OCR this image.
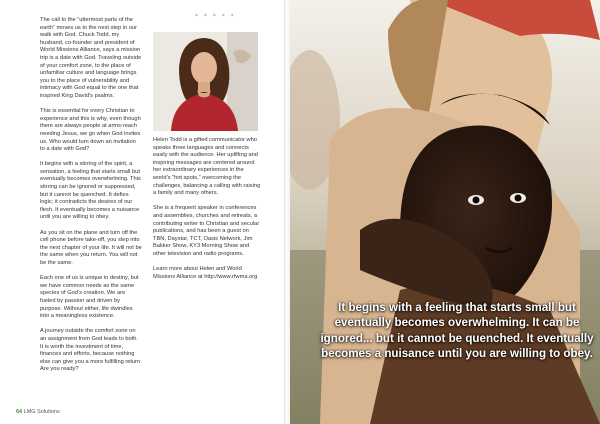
* * * * *

The call to the “uttermost parts of the earth” moves us to the next step in our walk with God. Chuck Todd, my husband, co-founder and president of World Missions Alliance, says a mission trip is a date with God. Traveling outside of your comfort zone, to the place of unfamiliar culture and language brings you to the place of vulnerability and intimacy with God equal to the one that inspired King David’s psalms.

This is essential for every Christian to experience and this is why, even though there are always people at arms-reach needing Jesus, we go when God invites us. Who would turn down an invitation to a date with God?

It begins with a stirring of the spirit, a sensation, a feeling that starts small but eventually becomes overwhelming. This stirring can be ignored or suppressed, but it cannot be quenched. It defies logic; it contradicts the desires of our flesh. It eventually becomes a nuisance until you are willing to obey.

As you sit on the plane and turn off the cell phone before take-off, you step into the next chapter of your life. It will not be the same when you return. You will not be the same.

Each one of us is unique in destiny, but we have common needs as the same species of God’s creation. We are fueled by passion and driven by purpose. Without either, life dwindles into a meaningless existence.

A journey outside the comfort zone on an assignment from God leads to both. It is worth the investment of time, finances and efforts, because nothing else can give you a more fulfilling return. Are you ready?

Helen Todd is a gifted communicator who speaks three languages and connects easily with the audience. Her uplifting and inspiring messages are centered around her extraordinary experiences in the world’s “hot spots,” overcoming the challenges, balancing a calling with raising a family and many others.

She is a frequent speaker in conferences and assemblies, churches and retreats, a contributing writer to Christian and secular publications, and has been a guest on TBN, Daystar, TCT, Oasis Network, Jim Bakker Show, KY3 Morning Show and other television and radio programs.

Learn more about Helen and World Missions Alliance at http://www.rfwma.org.

64 LMG Solutions
It begins with a feeling that starts small but eventually becomes overwhelming. It can be ignored... but it cannot be quenched. It eventually becomes a nuisance until you are willing to obey.
